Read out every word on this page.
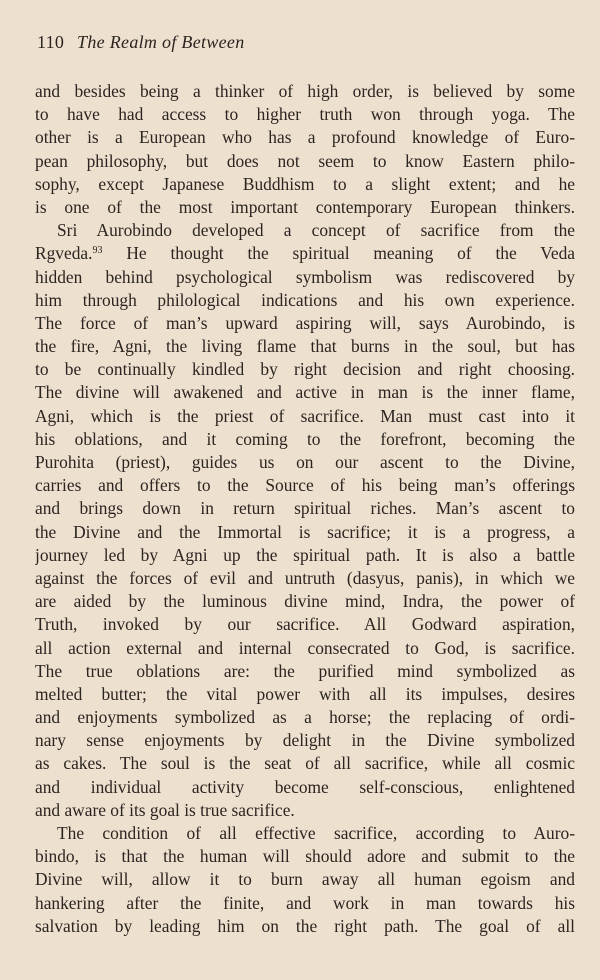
110 The Realm of Between
and besides being a thinker of high order, is believed by some
to have had access to higher truth won through yoga. The
other is a European who has a profound knowledge of Euro-
pean philosophy, but does not seem to know Eastern philo-
sophy, except Japanese Buddhism to a slight extent; and he
is one of the most important contemporary European thinkers.
Sri Aurobindo developed a concept of sacrifice from the
Rgveda.$^{93}$ He thought the spiritual meaning of the Veda
hidden behind psychological symbolism was rediscovered by
him through philological indications and his own experience.
The force of man’s upward aspiring will, says Aurobindo, is
the fire, Agni, the living flame that burns in the soul, but has
to be continually kindled by right decision and right choosing.
The divine will awakened and active in man is the inner flame,
Agni, which is the priest of sacrifice. Man must cast into it
his oblations, and it coming to the forefront, becoming the
Purohita (priest), guides us on our ascent to the Divine,
carries and offers to the Source of his being man’s offerings
and brings down in return spiritual riches. Man’s ascent to
the Divine and the Immortal is sacrifice; it is a progress, a
journey led by Agni up the spiritual path. It is also a battle
against the forces of evil and untruth (dasyus, panis), in which we
are aided by the luminous divine mind, Indra, the power of
Truth, invoked by our sacrifice. All Godward aspiration,
all action external and internal consecrated to God, is sacrifice.
The true oblations are: the purified mind symbolized as
melted butter; the vital power with all its impulses, desires
and enjoyments symbolized as a horse; the replacing of ordi-
nary sense enjoyments by delight in the Divine symbolized
as cakes. The soul is the seat of all sacrifice, while all cosmic
and individual activity become self-conscious, enlightened
and aware of its goal is true sacrifice.
The condition of all effective sacrifice, according to Auro-
bindo, is that the human will should adore and submit to the
Divine will, allow it to burn away all human egoism and
hankering after the finite, and work in man towards his
salvation by leading him on the right path. The goal of all
